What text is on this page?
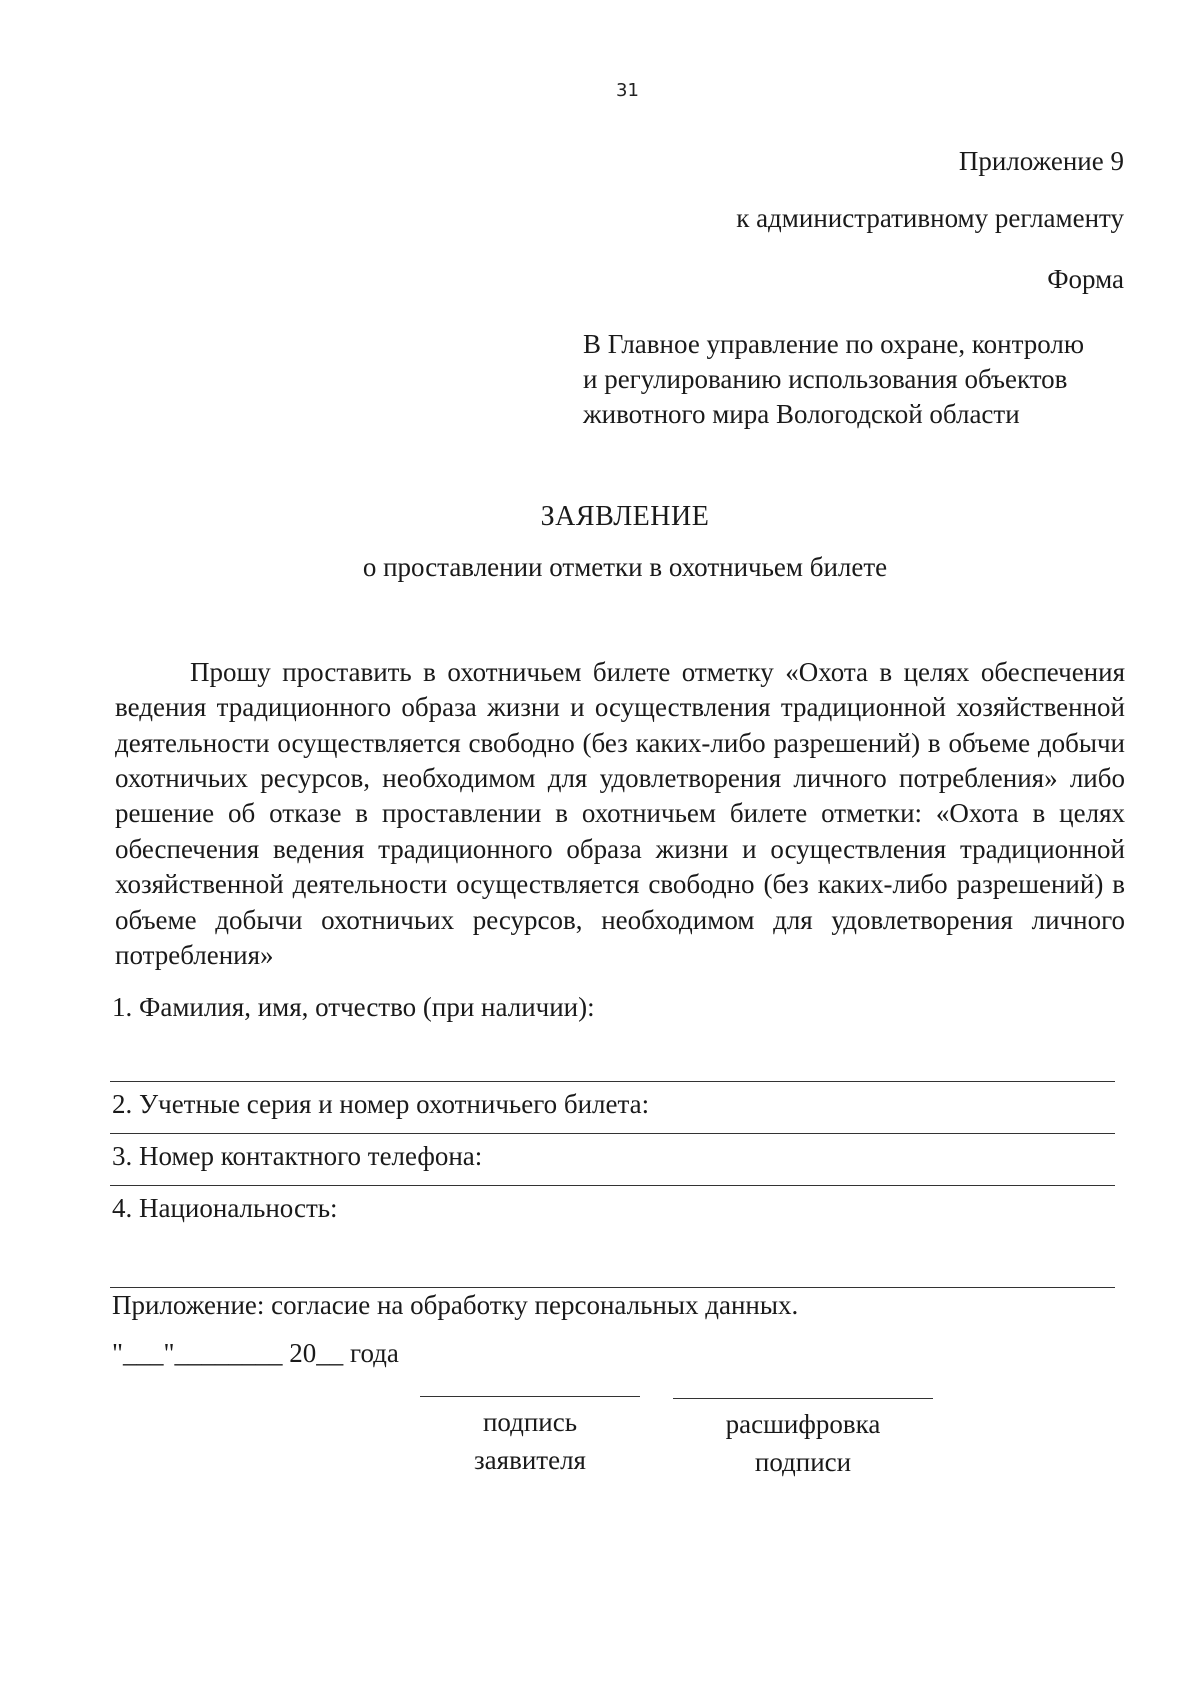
31
Приложение 9
к административному регламенту
Форма
В Главное управление по охране, контролю
и регулированию использования объектов
животного мира Вологодской области
ЗАЯВЛЕНИЕ
о проставлении отметки в охотничьем билете

Прошу проставить в охотничьем билете отметку «Охота в целях обеспечения ведения традиционного образа жизни и осуществления традиционной хозяйственной деятельности осуществляется свободно (без каких-либо разрешений) в объеме добычи охотничьих ресурсов, необходимом для удовлетворения личного потребления» либо решение об отказе в проставлении в охотничьем билете отметки: «Охота в целях обеспечения ведения традиционного образа жизни и осуществления традиционной хозяйственной деятельности осуществляется свободно (без каких-либо разрешений) в объеме добычи охотничьих ресурсов, необходимом для удовлетворения личного потребления»

1. Фамилия, имя, отчество (при наличии):
2. Учетные серия и номер охотничьего билета:
3. Номер контактного телефона:
4. Национальность:
Приложение: согласие на обработку персональных данных.
"___"________ 20__ года
подпись
заявителя
расшифровка
подписи
